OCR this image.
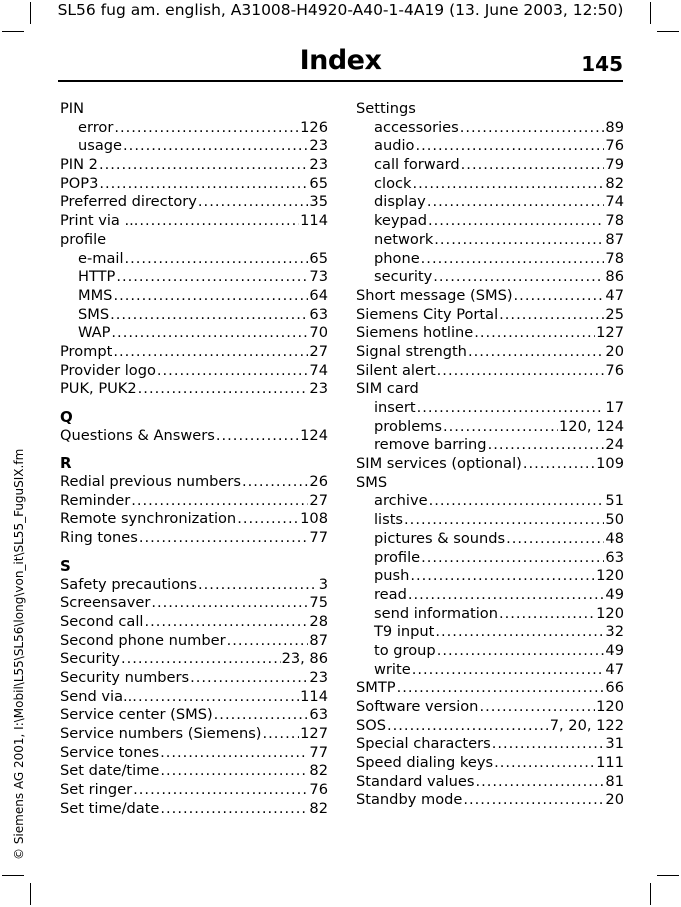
SL56 fug am. english, A31008-H4920-A40-1-4A19 (13. June 2003, 12:50)
© Siemens AG 2001, I:\Mobil\L55\SL56\long\von_it\SL55_FuguSIX.fm
Index	145
PIN
error .....	126
usage .....	23
PIN 2 .....	23
POP3 .....	65
Preferred directory .....	35
Print via ... .....	114
profile
e-mail .....	65
HTTP .....	73
MMS .....	64
SMS .....	63
WAP .....	70
Prompt .....	27
Provider logo .....	74
PUK, PUK2 .....	23
Q
Questions & Answers .....	124
R
Redial previous numbers .....	26
Reminder .....	27
Remote synchronization .....	108
Ring tones .....	77
S
Safety precautions .....	3
Screensaver .....	75
Second call .....	28
Second phone number .....	87
Security .....	23, 86
Security numbers .....	23
Send via... .....	114
Service center (SMS) .....	63
Service numbers (Siemens) .....	127
Service tones .....	77
Set date/time .....	82
Set ringer .....	76
Set time/date .....	82
Settings
accessories .....	89
audio .....	76
call forward .....	79
clock .....	82
display .....	74
keypad .....	78
network .....	87
phone .....	78
security .....	86
Short message (SMS) .....	47
Siemens City Portal .....	25
Siemens hotline .....	127
Signal strength .....	20
Silent alert .....	76
SIM card
insert .....	17
problems .....	120, 124
remove barring .....	24
SIM services (optional) .....	109
SMS
archive .....	51
lists .....	50
pictures & sounds .....	48
profile .....	63
push .....	120
read .....	49
send information .....	120
T9 input .....	32
to group .....	49
write .....	47
SMTP .....	66
Software version .....	120
SOS .....	7, 20, 122
Special characters .....	31
Speed dialing keys .....	111
Standard values .....	81
Standby mode .....	20
